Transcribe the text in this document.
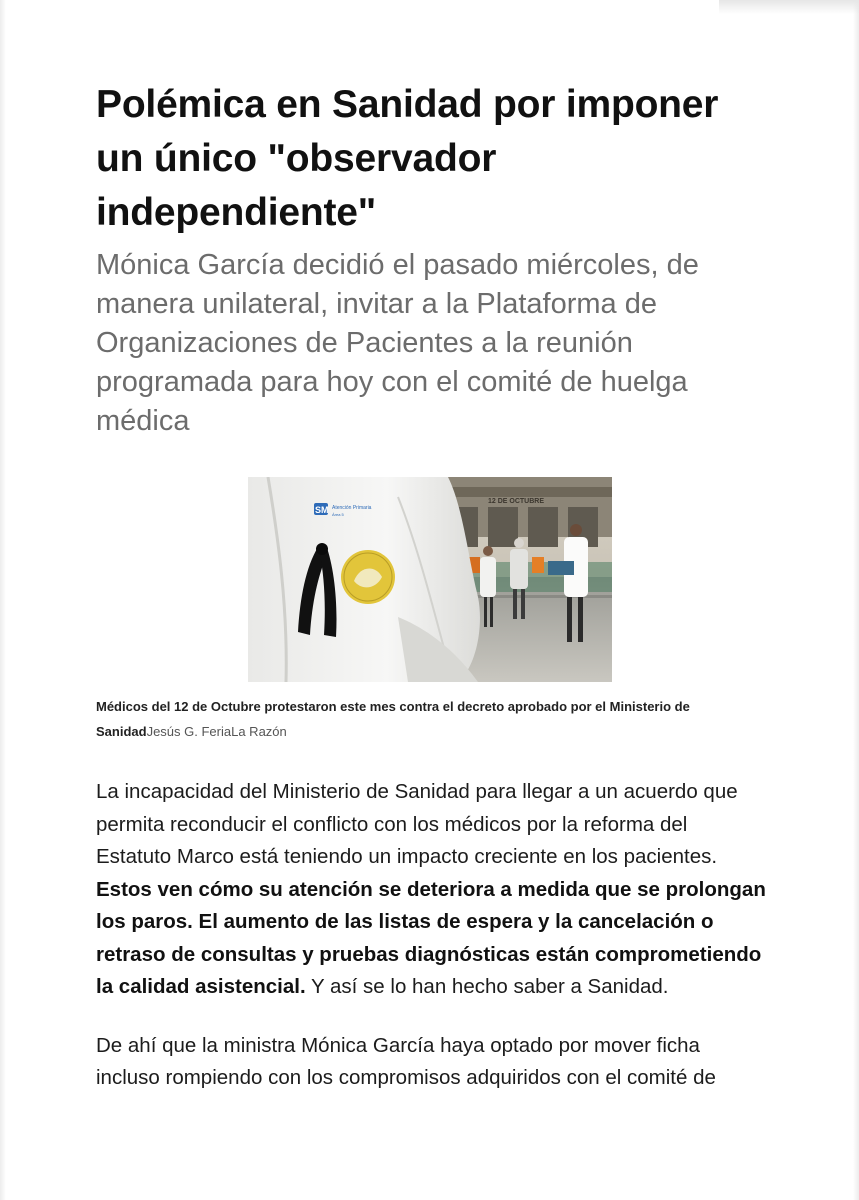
Polémica en Sanidad por imponer un único "observador independiente"

Mónica García decidió el pasado miércoles, de manera unilateral, invitar a la Plataforma de Organizaciones de Pacientes a la reunión programada para hoy con el comité de huelga médica

12 DE OCTUBRE
SM Atención Primaria
Área 5
Médicos del 12 de Octubre protestaron este mes contra el decreto aprobado por el Ministerio de SanidadJesús G. FeriaLa Razón

La incapacidad del Ministerio de Sanidad para llegar a un acuerdo que permita reconducir el conflicto con los médicos por la reforma del Estatuto Marco está teniendo un impacto creciente en los pacientes. Estos ven cómo su atención se deteriora a medida que se prolongan los paros. El aumento de las listas de espera y la cancelación o retraso de consultas y pruebas diagnósticas están comprometiendo la calidad asistencial. Y así se lo han hecho saber a Sanidad.

De ahí que la ministra Mónica García haya optado por mover ficha incluso rompiendo con los compromisos adquiridos con el comité de
